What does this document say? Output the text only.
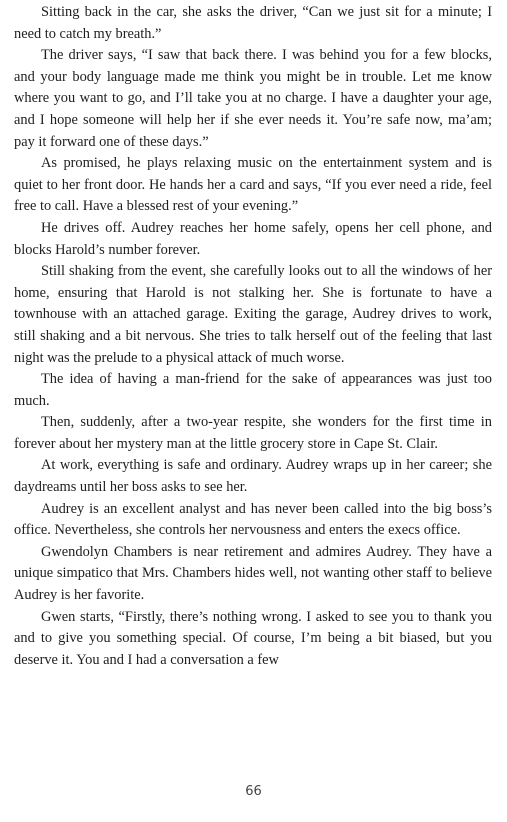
Sitting back in the car, she asks the driver, “Can we just sit for a minute; I need to catch my breath.”

The driver says, “I saw that back there. I was behind you for a few blocks, and your body language made me think you might be in trouble. Let me know where you want to go, and I’ll take you at no charge. I have a daughter your age, and I hope someone will help her if she ever needs it. You’re safe now, ma’am; pay it forward one of these days.”

As promised, he plays relaxing music on the entertainment system and is quiet to her front door. He hands her a card and says, “If you ever need a ride, feel free to call. Have a blessed rest of your evening.”

He drives off. Audrey reaches her home safely, opens her cell phone, and blocks Harold’s number forever.

Still shaking from the event, she carefully looks out to all the windows of her home, ensuring that Harold is not stalking her. She is fortunate to have a townhouse with an attached garage. Exiting the garage, Audrey drives to work, still shaking and a bit nervous. She tries to talk herself out of the feeling that last night was the prelude to a physical attack of much worse.

The idea of having a man-friend for the sake of appearances was just too much.

Then, suddenly, after a two-year respite, she wonders for the first time in forever about her mystery man at the little grocery store in Cape St. Clair.

At work, everything is safe and ordinary. Audrey wraps up in her career; she daydreams until her boss asks to see her.

Audrey is an excellent analyst and has never been called into the big boss’s office. Nevertheless, she controls her nervousness and enters the execs office.

Gwendolyn Chambers is near retirement and admires Audrey. They have a unique simpatico that Mrs. Chambers hides well, not wanting other staff to believe Audrey is her favorite.

Gwen starts, “Firstly, there’s nothing wrong. I asked to see you to thank you and to give you something special. Of course, I’m being a bit biased, but you deserve it. You and I had a conversation a few

66
